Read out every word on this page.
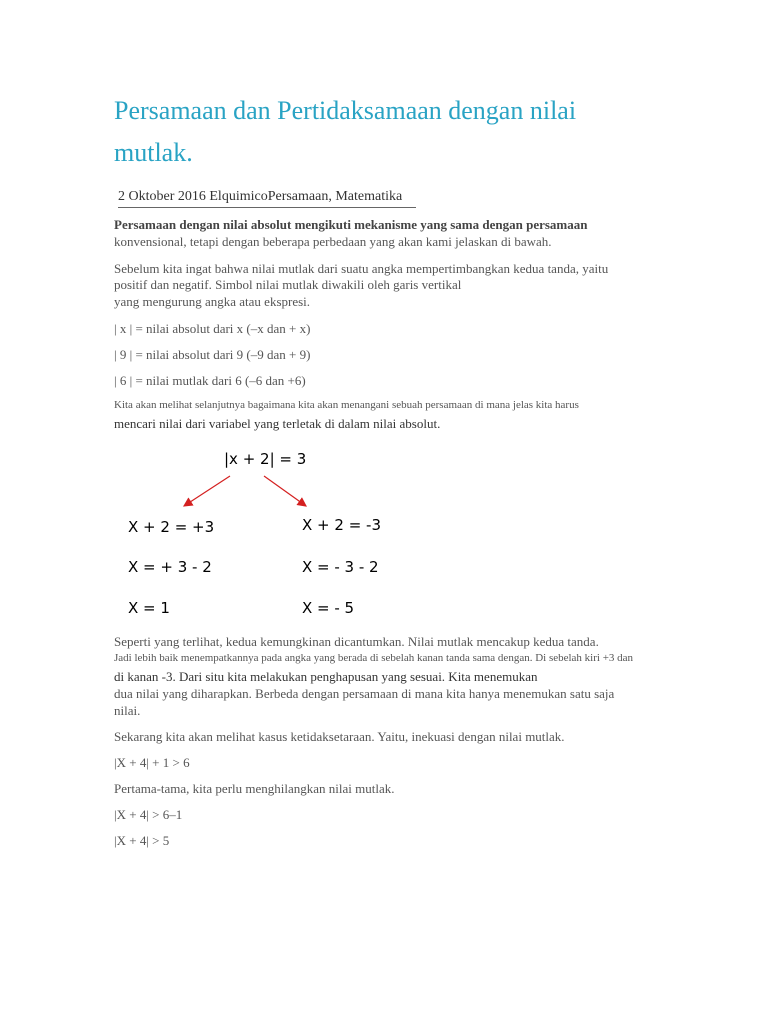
Persamaan dan Pertidaksamaan dengan nilai
mutlak.
2 Oktober 2016 ElquimicoPersamaan, Matematika

Persamaan dengan nilai absolut mengikuti mekanisme yang sama dengan persamaan

konvensional, tetapi dengan beberapa perbedaan yang akan kami jelaskan di bawah.

Sebelum kita ingat bahwa nilai mutlak dari suatu angka mempertimbangkan kedua tanda, yaitu

positif dan negatif. Simbol nilai mutlak diwakili oleh garis vertikal

yang mengurung angka atau ekspresi.

| x | = nilai absolut dari x (–x dan + x)

| 9 | = nilai absolut dari 9 (–9 dan + 9)

| 6 | = nilai mutlak dari 6 (–6 dan +6)

Kita akan melihat selanjutnya bagaimana kita akan menangani sebuah persamaan di mana jelas kita harus

mencari nilai dari variabel yang terletak di dalam nilai absolut.

|x + 2| = 3
X + 2 = +3
X = + 3 - 2
X = 1
X + 2 = -3
X = - 3 - 2
X = - 5

Seperti yang terlihat, kedua kemungkinan dicantumkan. Nilai mutlak mencakup kedua tanda.

Jadi lebih baik menempatkannya pada angka yang berada di sebelah kanan tanda sama dengan. Di sebelah kiri +3 dan

di kanan -3. Dari situ kita melakukan penghapusan yang sesuai. Kita menemukan

dua nilai yang diharapkan. Berbeda dengan persamaan di mana kita hanya menemukan satu saja

nilai.

Sekarang kita akan melihat kasus ketidaksetaraan. Yaitu, inekuasi dengan nilai mutlak.

|X + 4| + 1 > 6

Pertama-tama, kita perlu menghilangkan nilai mutlak.

|X + 4| > 6–1

|X + 4| > 5
